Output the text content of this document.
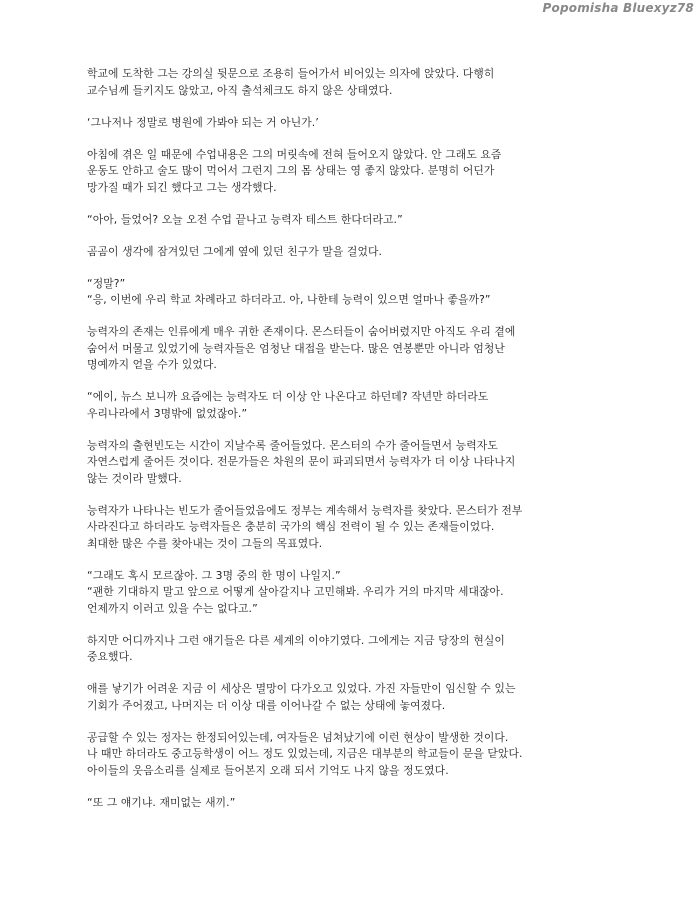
Popomisha Bluexyz78

학교에 도착한 그는 강의실 뒷문으로 조용히 들어가서 비어있는 의자에 앉았다. 다행히
교수님께 들키지도 않았고, 아직 출석체크도 하지 않은 상태였다.

‘그나저나 정말로 병원에 가봐야 되는 거 아닌가.’

아침에 겪은 일 때문에 수업내용은 그의 머릿속에 전혀 들어오지 않았다. 안 그래도 요즘
운동도 안하고 술도 많이 먹어서 그런지 그의 몸 상태는 영 좋지 않았다. 분명히 어딘가
망가질 때가 되긴 했다고 그는 생각했다.

“아아, 들었어? 오늘 오전 수업 끝나고 능력자 테스트 한다더라고.”

곰곰이 생각에 잠겨있던 그에게 옆에 있던 친구가 말을 걸었다.

“정말?”
“응, 이번에 우리 학교 차례라고 하더라고. 아, 나한테 능력이 있으면 얼마나 좋을까?”

능력자의 존재는 인류에게 매우 귀한 존재이다. 몬스터들이 숨어버렸지만 아직도 우리 곁에
숨어서 머물고 있었기에 능력자들은 엄청난 대접을 받는다. 많은 연봉뿐만 아니라 엄청난
명예까지 얻을 수가 있었다.

“에이, 뉴스 보니까 요즘에는 능력자도 더 이상 안 나온다고 하던데? 작년만 하더라도
우리나라에서 3명밖에 없었잖아.”

능력자의 출현빈도는 시간이 지날수록 줄어들었다. 몬스터의 수가 줄어들면서 능력자도
자연스럽게 줄어든 것이다. 전문가들은 차원의 문이 파괴되면서 능력자가 더 이상 나타나지
않는 것이라 말했다.

능력자가 나타나는 빈도가 줄어들었음에도 정부는 계속해서 능력자를 찾았다. 몬스터가 전부
사라진다고 하더라도 능력자들은 충분히 국가의 핵심 전력이 될 수 있는 존재들이었다.
최대한 많은 수를 찾아내는 것이 그들의 목표였다.

“그래도 혹시 모르잖아. 그 3명 중의 한 명이 나일지.”
“괜한 기대하지 말고 앞으로 어떻게 살아갈지나 고민해봐. 우리가 거의 마지막 세대잖아.
언제까지 이러고 있을 수는 없다고.”

하지만 어디까지나 그런 얘기들은 다른 세계의 이야기였다. 그에게는 지금 당장의 현실이
중요했다.

애를 낳기가 어려운 지금 이 세상은 멸망이 다가오고 있었다. 가진 자들만이 임신할 수 있는
기회가 주어졌고, 나머지는 더 이상 대를 이어나갈 수 없는 상태에 놓여졌다.

공급할 수 있는 정자는 한정되어있는데, 여자들은 넘쳐났기에 이런 현상이 발생한 것이다.
나 때만 하더라도 중고등학생이 어느 정도 있었는데, 지금은 대부분의 학교들이 문을 닫았다.
아이들의 웃음소리를 실제로 들어본지 오래 되서 기억도 나지 않을 정도였다.

“또 그 얘기냐. 재미없는 새끼.”
